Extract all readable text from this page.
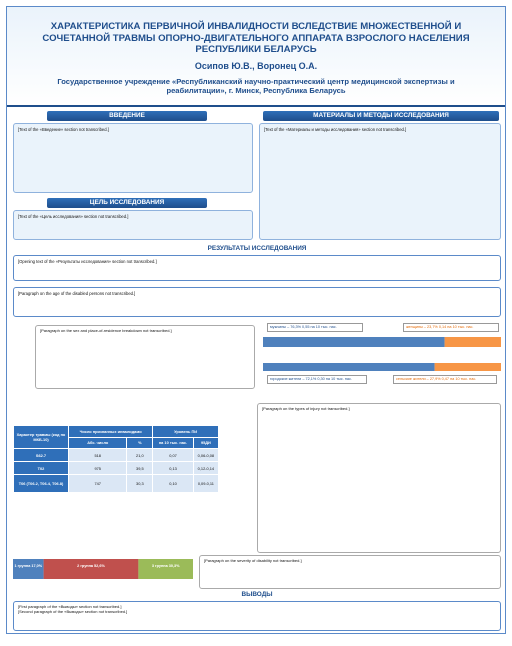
ХАРАКТЕРИСТИКА ПЕРВИЧНОЙ ИНВАЛИДНОСТИ ВСЛЕДСТВИЕ МНОЖЕСТВЕННОЙ И СОЧЕТАННОЙ ТРАВМЫ ОПОРНО-ДВИГАТЕЛЬНОГО АППАРАТА ВЗРОСЛОГО НАСЕЛЕНИЯ РЕСПУБЛИКИ БЕЛАРУСЬ
Осипов Ю.В., Воронец О.А.
Государственное учреждение «Республиканский научно-практический центр медицинской экспертизы и реабилитации», г. Минск, Республика Беларусь
ВВЕДЕНИЕ
[Text of the «Введение» section not transcribed.]
ЦЕЛЬ ИССЛЕДОВАНИЯ
[Text of the «Цель исследования» section not transcribed.]
МАТЕРИАЛЫ И МЕТОДЫ ИССЛЕДОВАНИЯ
[Text of the «Материалы и методы исследования» section not transcribed.]
РЕЗУЛЬТАТЫ ИССЛЕДОВАНИЯ
[Opening text of the «Результаты исследования» section not transcribed.]
[Paragraph on the age of the disabled persons not transcribed.]
[Paragraph on the sex and place-of-residence breakdown not transcribed.]
мужчины – 76,3% 0,55 на 10 тыс. нас.	женщины – 23,7% 0,14 на 10 тыс. нас.
городские жители – 72,1% 0,30 на 10 тыс. нас.	сельские жители – 27,9% 0,47 на 10 тыс. нас.
Характер травмы (код по МКБ-10)	Число признанных инвалидами		Уровень ПИ	
	Абс. число	%	на 10 тыс. нас.	95ДИ
S62.7	518	21,0	0,07	0,06-0,08
T02	975	39,5	0,13	0,12-0,14
T06 (T06.2, T06.4, T06.8)	747	30,3	0,10	0,09-0,11
[Paragraph on the types of injury not transcribed.]
1 группа 17,0%	2 группа 52,6%	3 группа 30,3%
[Paragraph on the severity of disability not transcribed.]
ВЫВОДЫ
[First paragraph of the «Выводы» section not transcribed.]
[Second paragraph of the «Выводы» section not transcribed.]
